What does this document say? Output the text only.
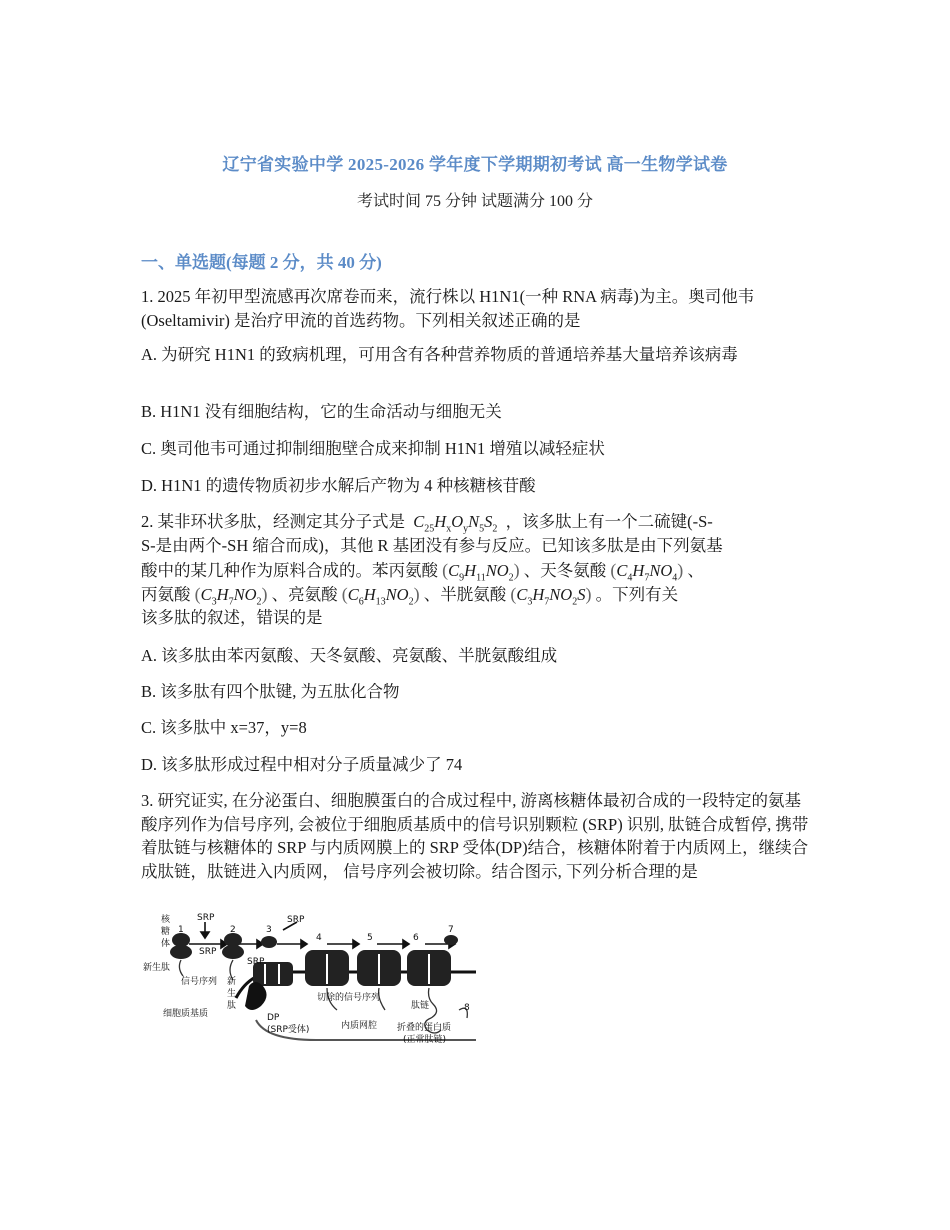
辽宁省实验中学 2025-2026 学年度下学期期初考试 高一生物学试卷
考试时间 75 分钟 试题满分 100 分
一、单选题(每题 2 分，共 40 分)

1. 2025 年初甲型流感再次席卷而来，流行株以 H1N1(一种 RNA 病毒)为主。奥司他韦(Oseltamivir) 是治疗甲流的首选药物。下列相关叙述正确的是

A. 为研究 H1N1 的致病机理，可用含有各种营养物质的普通培养基大量培养该病毒

B. H1N1 没有细胞结构，它的生命活动与细胞无关

C. 奥司他韦可通过抑制细胞壁合成来抑制 H1N1 增殖以减轻症状

D. H1N1 的遗传物质初步水解后产物为 4 种核糖核苷酸

2. 某非环状多肽，经测定其分子式是  $C_{25}H_xO_yN_5S_2$ ，该多肽上有一个二硫键(-S-
S-是由两个-SH 缩合而成)，其他 R 基团没有参与反应。已知该多肽是由下列氨基
酸中的某几种作为原料合成的。苯丙氨酸 $(C_9H_{11}NO_2)$ 、天冬氨酸 $(C_4H_7NO_4)$ 、
丙氨酸 $(C_3H_7NO_2)$ 、亮氨酸 $(C_6H_{13}NO_2)$ 、半胱氨酸 $(C_3H_7NO_2S)$ 。下列有关
该多肽的叙述，错误的是

A. 该多肽由苯丙氨酸、天冬氨酸、亮氨酸、半胱氨酸组成

B. 该多肽有四个肽键, 为五肽化合物

C. 该多肽中 x=37，y=8

D. 该多肽形成过程中相对分子质量减少了 74

3. 研究证实, 在分泌蛋白、细胞膜蛋白的合成过程中, 游离核糖体最初合成的一段特定的氨基酸序列作为信号序列, 会被位于细胞质基质中的信号识别颗粒 (SRP) 识别, 肽链合成暂停, 携带着肽链与核糖体的 SRP 与内质网膜上的 SRP 受体(DP)结合，核糖体附着于内质网上，继续合成肽链，肽链进入内质网， 信号序列会被切除。结合图示, 下列分析合理的是

1	2	3
4	5	6
7
8
核
糖
体
新生肽
SRP
SRP
SRP
SRP
信号序列 新
生
肽
细胞质基质
切除的信号序列
肽链
内质网腔
DP
(SRP受体)	折叠的蛋白质
(正常肽链)
